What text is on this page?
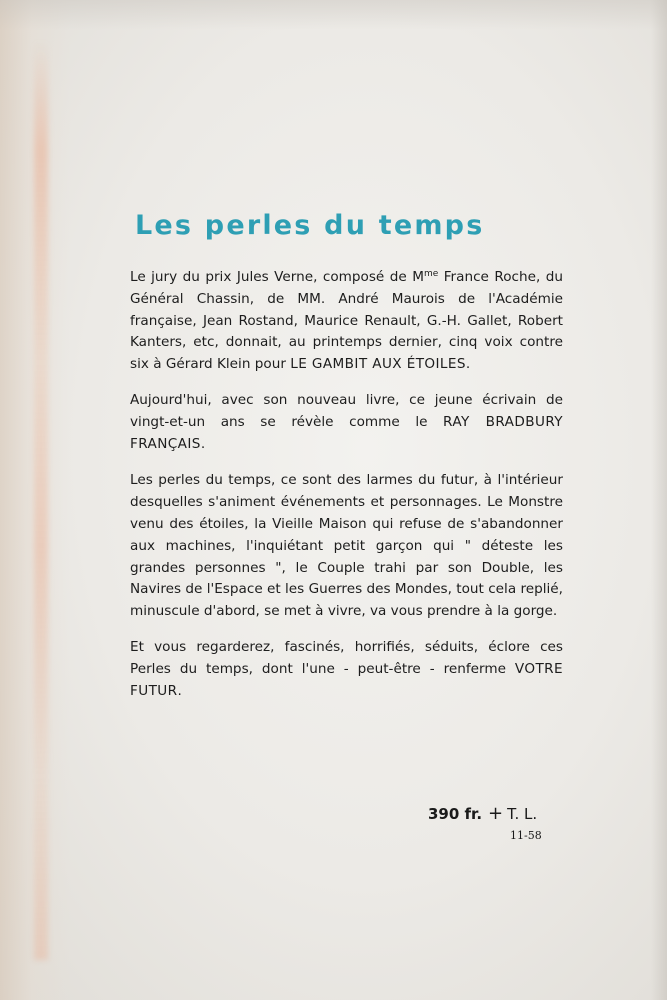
Les perles du temps

Le jury du prix Jules Verne, composé de $M^{me}$ France Roche, du Général Chassin, de MM. André Maurois de l'Académie française, Jean Rostand, Maurice Renault, G.-H. Gallet, Robert Kanters, etc, donnait, au printemps dernier, cinq voix contre six à Gérard Klein pour LE GAMBIT AUX ÉTOILES.

Aujourd'hui, avec son nouveau livre, ce jeune écrivain de vingt-et-un ans se révèle comme le RAY BRADBURY FRANÇAIS.

Les perles du temps, ce sont des larmes du futur, à l'intérieur desquelles s'animent événements et personnages. Le Monstre venu des étoiles, la Vieille Maison qui refuse de s'abandonner aux machines, l'inquiétant petit garçon qui " déteste les grandes personnes ", le Couple trahi par son Double, les Navires de l'Espace et les Guerres des Mondes, tout cela replié, minuscule d'abord, se met à vivre, va vous prendre à la gorge.

Et vous regarderez, fascinés, horrifiés, séduits, éclore ces Perles du temps, dont l'une - peut-être - renferme VOTRE FUTUR.

390 fr. + T. L.
11-58
